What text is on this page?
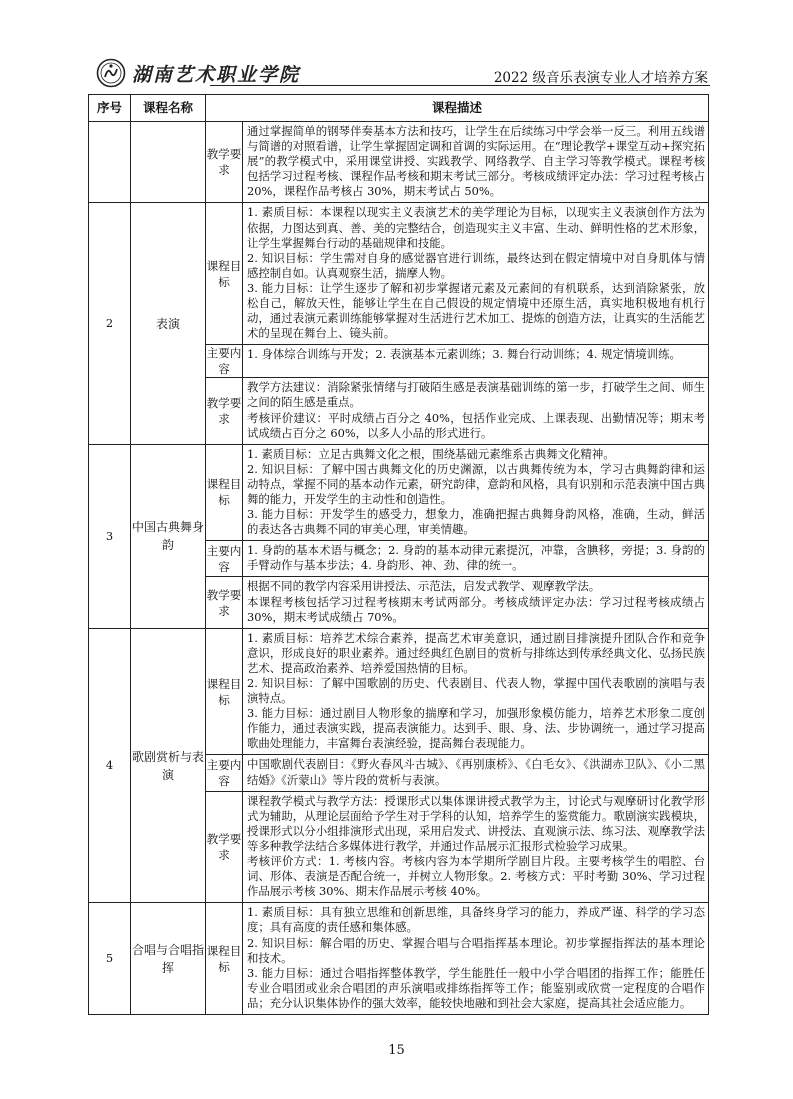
湖南艺术职业学院	2022 级音乐表演专业人才培养方案
序号	课程名称	课程描述	
		教学要求	通过掌握简单的钢琴伴奏基本方法和技巧，让学生在后续练习中学会举一反三。利用五线谱与简谱的对照看谱，让学生掌握固定调和首调的实际运用。在“理论教学+课堂互动+探究拓展”的教学模式中，采用课堂讲授、实践教学、网络教学、自主学习等教学模式。课程考核包括学习过程考核、课程作品考核和期末考试三部分。考核成绩评定办法：学习过程考核占 20%，课程作品考核占 30%，期末考试占 50%。

2	表演	课程目标	1. 素质目标：本课程以现实主义表演艺术的美学理论为目标，以现实主义表演创作方法为依据，力图达到真、善、美的完整结合，创造现实主义丰富、生动、鲜明性格的艺术形象，让学生掌握舞台行动的基础规律和技能。

2. 知识目标：学生需对自身的感觉器官进行训练，最终达到在假定情境中对自身肌体与情感控制自如。认真观察生活，揣摩人物。

3. 能力目标：让学生逐步了解和初步掌握诸元素及元素间的有机联系，达到消除紧张，放松自己，解放天性，能够让学生在自己假设的规定情境中还原生活，真实地积极地有机行动，通过表演元素训练能够掌握对生活进行艺术加工、提炼的创造方法，让真实的生活能艺术的呈现在舞台上、镜头前。

		主要内容	1. 身体综合训练与开发；2. 表演基本元素训练；3. 舞台行动训练；4. 规定情境训练。

		教学要求	教学方法建议：消除紧张情绪与打破陌生感是表演基础训练的第一步，打破学生之间、师生之间的陌生感是重点。

考核评价建议：平时成绩占百分之 40%，包括作业完成、上课表现、出勤情况等；期末考试成绩占百分之 60%，以多人小品的形式进行。

3	中国古典舞身韵	课程目标	1. 素质目标：立足古典舞文化之根，围绕基础元素维系古典舞文化精神。

2. 知识目标：了解中国古典舞文化的历史渊源，以古典舞传统为本，学习古典舞韵律和运动特点，掌握不同的基本动作元素，研究韵律，意韵和风格，具有识别和示范表演中国古典舞的能力，开发学生的主动性和创造性。

3. 能力目标：开发学生的感受力，想象力，准确把握古典舞身韵风格，准确，生动，鲜活的表达各古典舞不同的审美心理，审美情趣。

		主要内容	1. 身韵的基本术语与概念；2. 身韵的基本动律元素提沉，冲靠，含腆移，旁提；3. 身韵的手臂动作与基本步法；4. 身韵形、神、劲、律的统一。

		教学要求	根据不同的教学内容采用讲授法、示范法，启发式教学、观摩教学法。

本课程考核包括学习过程考核期末考试两部分。考核成绩评定办法：学习过程考核成绩占 30%，期末考试成绩占 70%。

4	歌剧赏析与表演	课程目标	1. 素质目标：培养艺术综合素养，提高艺术审美意识，通过剧目排演提升团队合作和竞争意识，形成良好的职业素养。通过经典红色剧目的赏析与排练达到传承经典文化、弘扬民族艺术、提高政治素养、培养爱国热情的目标。

2. 知识目标：了解中国歌剧的历史、代表剧目、代表人物，掌握中国代表歌剧的演唱与表演特点。

3. 能力目标：通过剧目人物形象的揣摩和学习，加强形象模仿能力，培养艺术形象二度创作能力，通过表演实践，提高表演能力。达到手、眼、身、法、步协调统一，通过学习提高歌曲处理能力，丰富舞台表演经验，提高舞台表现能力。

		主要内容	中国歌剧代表剧目：《野火春风斗古城》、《再别康桥》、《白毛女》、《洪湖赤卫队》、《小二黑结婚》《沂蒙山》等片段的赏析与表演。

		教学要求	课程教学模式与教学方法：授课形式以集体课讲授式教学为主，讨论式与观摩研讨化教学形式为辅助，从理论层面给予学生对于学科的认知，培养学生的鉴赏能力。歌剧演实践模块，授课形式以分小组排演形式出现，采用启发式、讲授法、直观演示法、练习法、观摩教学法等多种教学法结合多媒体进行教学，并通过作品展示汇报形式检验学习成果。

考核评价方式：1. 考核内容。考核内容为本学期所学剧目片段。主要考核学生的唱腔、台词、形体、表演是否配合统一，并树立人物形象。2. 考核方式：平时考勤 30%、学习过程作品展示考核 30%、期末作品展示考核 40%。

5	合唱与合唱指挥	课程目标	1. 素质目标：具有独立思维和创新思维，具备终身学习的能力，养成严谨、科学的学习态度；具有高度的责任感和集体感。

2. 知识目标：解合唱的历史、掌握合唱与合唱指挥基本理论。初步掌握指挥法的基本理论和技术。

3. 能力目标：通过合唱指挥整体教学，学生能胜任一般中小学合唱团的指挥工作；能胜任专业合唱团或业余合唱团的声乐演唱或排练指挥等工作；能鉴别或欣赏一定程度的合唱作品；充分认识集体协作的强大效率，能较快地融和到社会大家庭，提高其社会适应能力。

15
